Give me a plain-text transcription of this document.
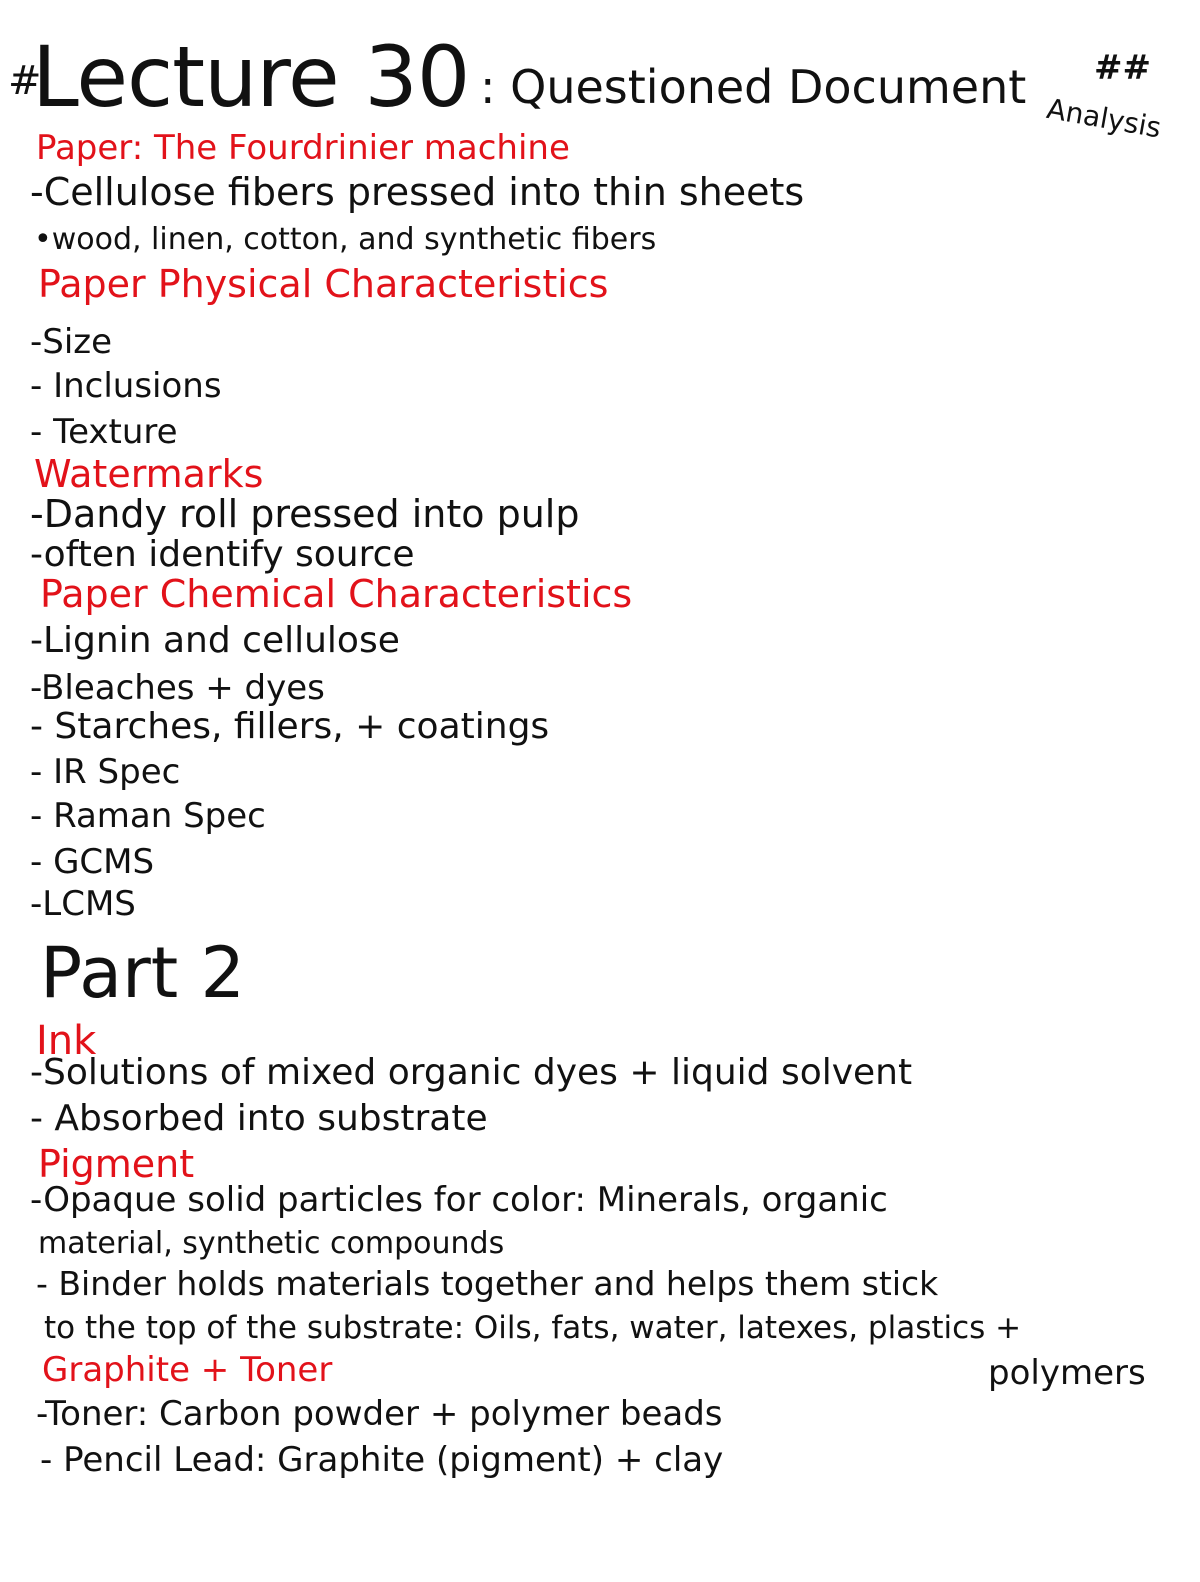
#
Lecture 30 : Questioned Document
Analysis
##
Paper: The Fourdrinier machine
-Cellulose fibers pressed into thin sheets
•wood, linen, cotton, and synthetic fibers
Paper Physical Characteristics
-Size
- Inclusions
- Texture
Watermarks
-Dandy roll pressed into pulp
-often identify source
Paper Chemical Characteristics
-Lignin and cellulose
-Bleaches + dyes
- Starches, fillers, + coatings
- IR Spec
- Raman Spec
- GCMS
-LCMS
Part 2
Ink
-Solutions of mixed organic dyes + liquid solvent
- Absorbed into substrate
Pigment
-Opaque solid particles for color: Minerals, organic
material, synthetic compounds
- Binder holds materials together and helps them stick
to the top of the substrate: Oils, fats, water, latexes, plastics +
Graphite + Toner
-Toner: Carbon powder + polymer beads
- Pencil Lead: Graphite (pigment) + clay
polymers
